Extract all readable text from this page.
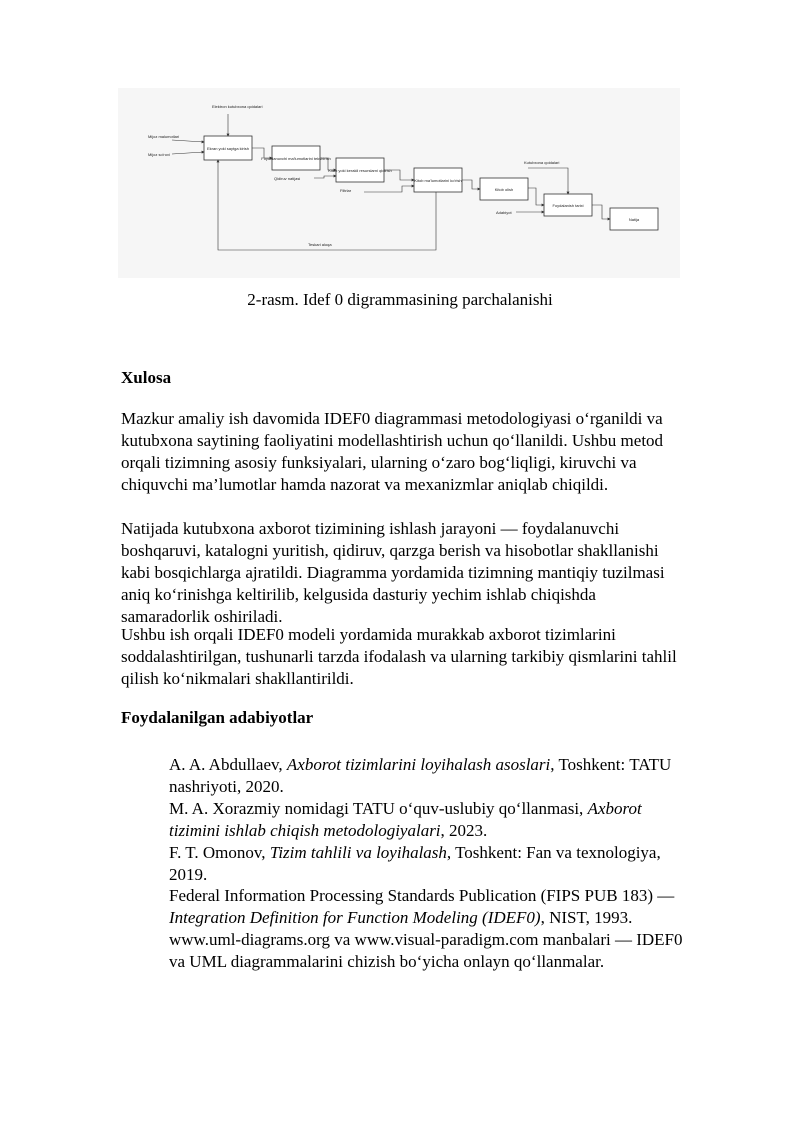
Ekran yoki saytga kirish
Foydalanuvchi ma'lumotlarini tekshirish
Kitob yoki kerakli resurslarni qidirish
Kitob ma'lumotlarini ko'rish
Kitob olish
Foydalanish tarixi
Natija
Elektron kutubxona qoidalari
Mijoz malumotlari
Mijoz so'rovi
Qidiruv natijasi
Filtrlar
Kutubxona qoidalari
Adabiyot
Teskari aloqa
2-rasm. Idef 0 digrammasining parchalanishi
Xulosa

Mazkur amaliy ish davomida IDEF0 diagrammasi metodologiyasi o‘rganildi va kutubxona saytining faoliyatini modellashtirish uchun qo‘llanildi. Ushbu metod orqali tizimning asosiy funksiyalari, ularning o‘zaro bog‘liqligi, kiruvchi va chiquvchi ma’lumotlar hamda nazorat va mexanizmlar aniqlab chiqildi.

Natijada kutubxona axborot tizimining ishlash jarayoni — foydalanuvchi boshqaruvi, katalogni yuritish, qidiruv, qarzga berish va hisobotlar shakllanishi kabi bosqichlarga ajratildi. Diagramma yordamida tizimning mantiqiy tuzilmasi aniq ko‘rinishga keltirilib, kelgusida dasturiy yechim ishlab chiqishda samaradorlik oshiriladi.

Ushbu ish orqali IDEF0 modeli yordamida murakkab axborot tizimlarini soddalashtirilgan, tushunarli tarzda ifodalash va ularning tarkibiy qismlarini tahlil qilish ko‘nikmalari shakllantirildi.

Foydalanilgan adabiyotlar
A. A. Abdullaev, Axborot tizimlarini loyihalash asoslari, Toshkent: TATU nashriyoti, 2020.
M. A. Xorazmiy nomidagi TATU o‘quv-uslubiy qo‘llanmasi, Axborot tizimini ishlab chiqish metodologiyalari, 2023.
F. T. Omonov, Tizim tahlili va loyihalash, Toshkent: Fan va texnologiya, 2019.
Federal Information Processing Standards Publication (FIPS PUB 183) — Integration Definition for Function Modeling (IDEF0), NIST, 1993.
www.uml-diagrams.org va www.visual-paradigm.com manbalari — IDEF0 va UML diagrammalarini chizish bo‘yicha onlayn qo‘llanmalar.
